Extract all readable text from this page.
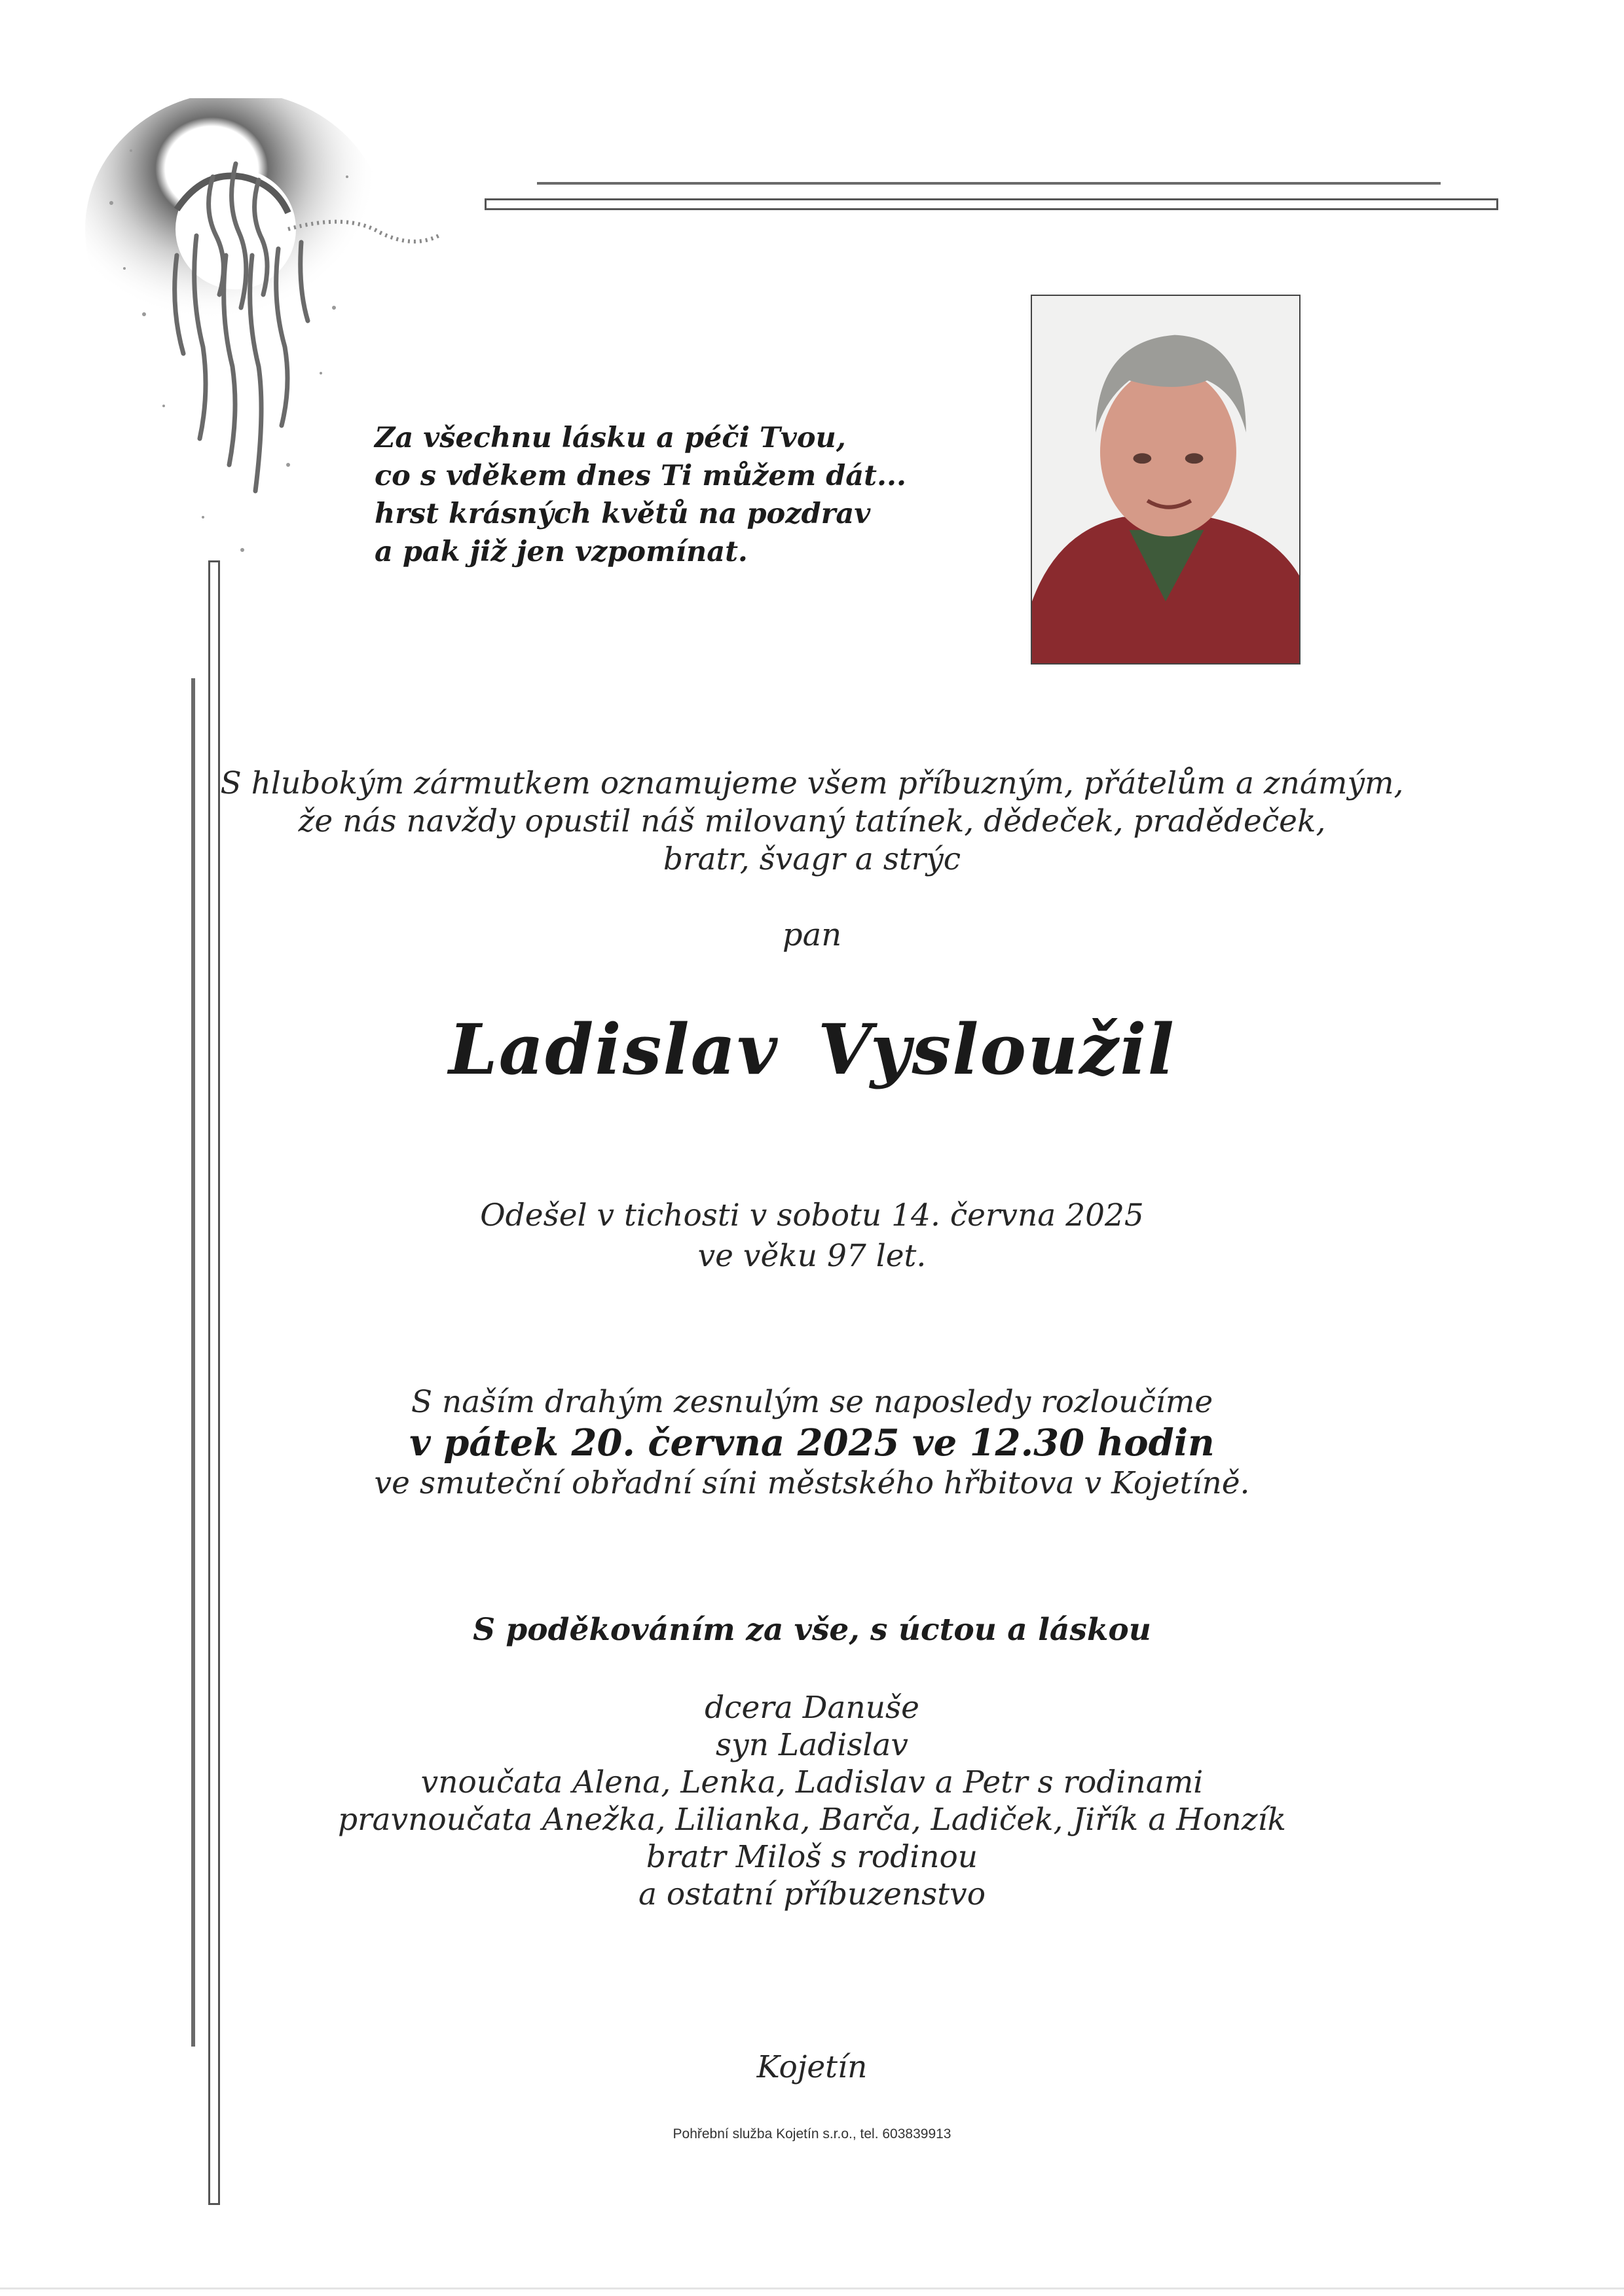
Za všechnu lásku a péči Tvou,
co s vděkem dnes Ti můžem dát...
hrst krásných květů na pozdrav
a pak již jen vzpomínat.
S hlubokým zármutkem oznamujeme všem příbuzným, přátelům a známým,
že nás navždy opustil náš milovaný tatínek, dědeček, pradědeček,
bratr, švagr a strýc
pan
Ladislav Vysloužil
Odešel v tichosti v sobotu 14. června 2025
ve věku 97 let.
S naším drahým zesnulým se naposledy rozloučíme
v pátek 20. června 2025 ve 12.30 hodin
ve smuteční obřadní síni městského hřbitova v Kojetíně.
S poděkováním za vše, s úctou a láskou
dcera Danuše
syn Ladislav
vnoučata Alena, Lenka, Ladislav a Petr s rodinami
pravnoučata Anežka, Lilianka, Barča, Ladiček, Jiřík a Honzík
bratr Miloš s rodinou
a ostatní příbuzenstvo
Kojetín
Pohřební služba Kojetín s.r.o., tel. 603839913
